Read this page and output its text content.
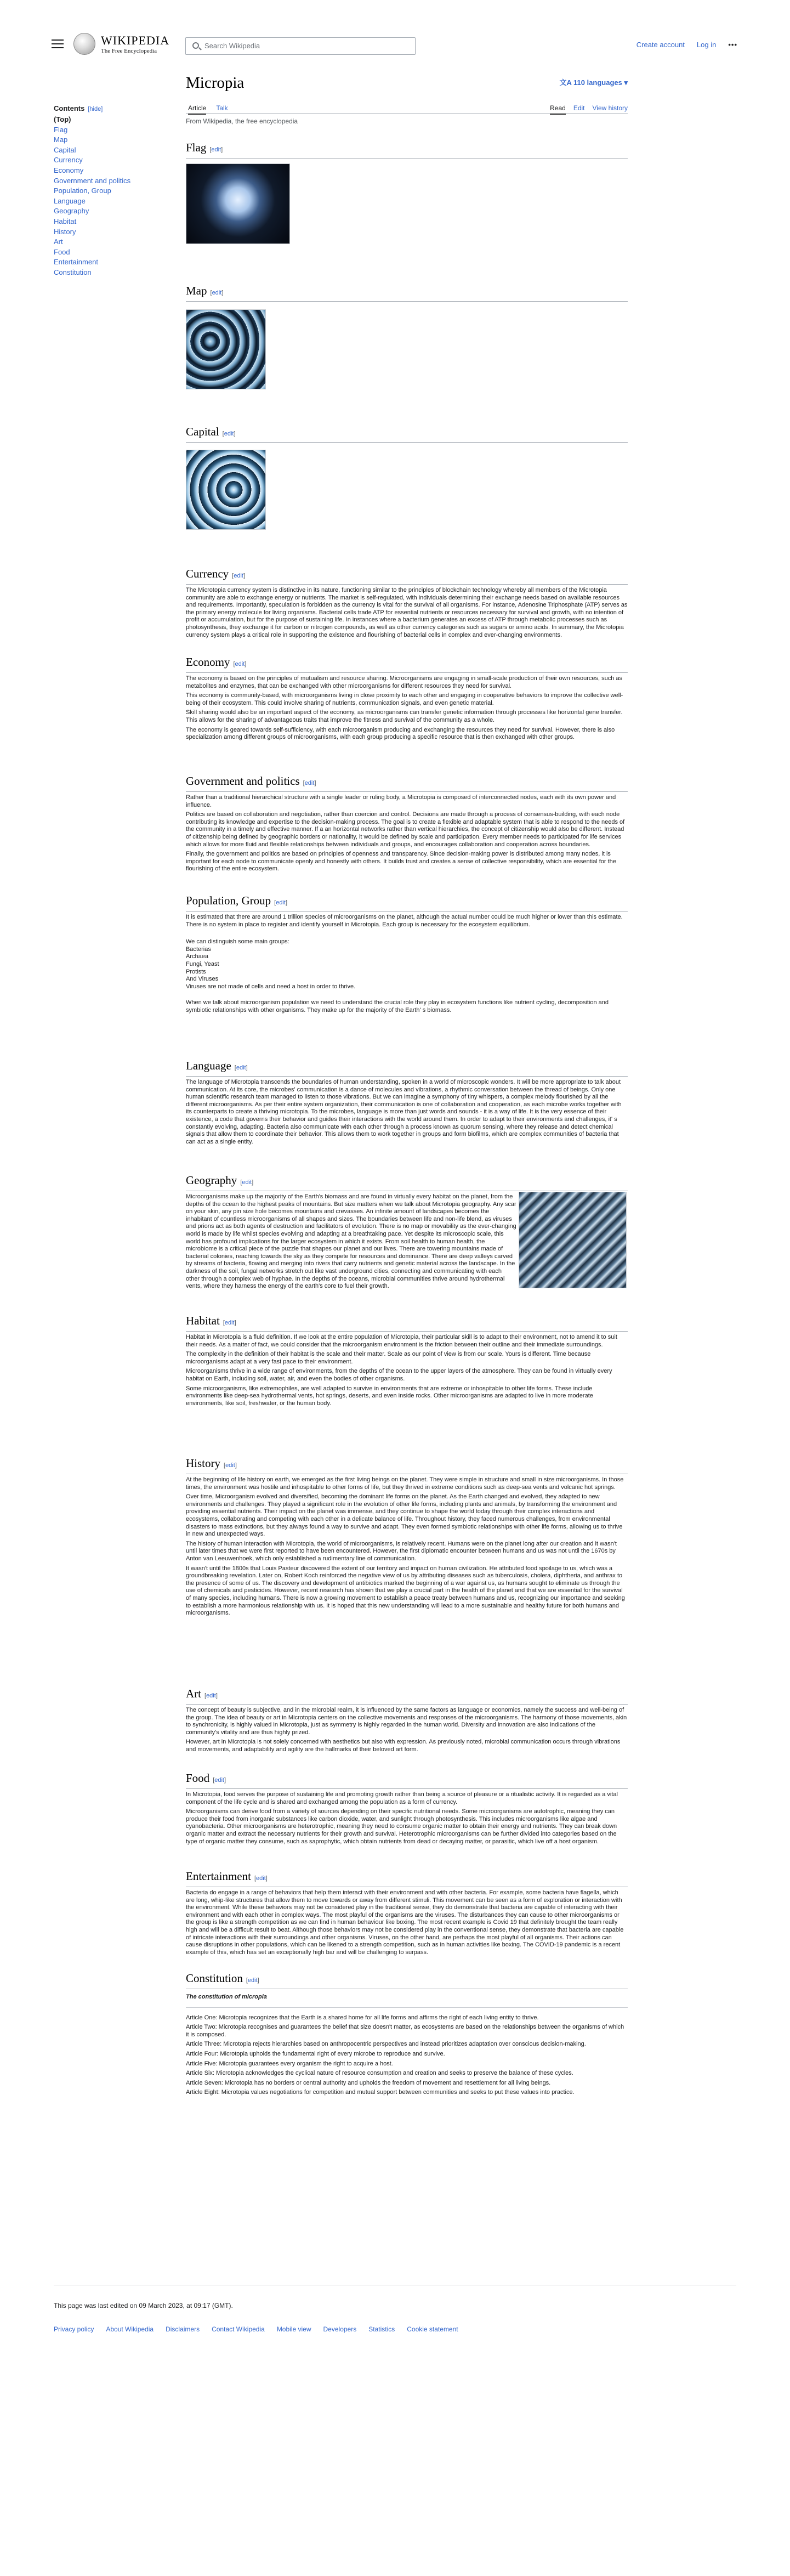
WIKIPEDIA
The Free Encyclopedia
Search Wikipedia	Create account Log in •••
Contents [hide]
(Top)
Flag
Map
Capital
Currency
Economy
Government and politics
Population, Group
Language
Geography
Habitat
History
Art
Food
Entertainment
Constitution
Micropia	文A 110 languages ▾
Article Talk	Read Edit View history
From Wikipedia, the free encyclopedia
Flag [edit]
Map [edit]
Capital [edit]
Currency [edit]

The Microtopia currency system is distinctive in its nature, functioning similar to the principles of blockchain technology whereby all members of the Microtopia community are able to exchange energy or nutrients. The market is self-regulated, with individuals determining their exchange needs based on available resources and requirements. Importantly, speculation is forbidden as the currency is vital for the survival of all organisms. For instance, Adenosine Triphosphate (ATP) serves as the primary energy molecule for living organisms. Bacterial cells trade ATP for essential nutrients or resources necessary for survival and growth, with no intention of profit or accumulation, but for the purpose of sustaining life. In instances where a bacterium generates an excess of ATP through metabolic processes such as photosynthesis, they exchange it for carbon or nitrogen compounds, as well as other currency categories such as sugars or amino acids. In summary, the Microtopia currency system plays a critical role in supporting the existence and flourishing of bacterial cells in complex and ever-changing environments.

Economy [edit]

The economy is based on the principles of mutualism and resource sharing. Microorganisms are engaging in small-scale production of their own resources, such as metabolites and enzymes, that can be exchanged with other microorganisms for different resources they need for survival.

This economy is community-based, with microorganisms living in close proximity to each other and engaging in cooperative behaviors to improve the collective well-being of their ecosystem. This could involve sharing of nutrients, communication signals, and even genetic material.

Skill sharing would also be an important aspect of the economy, as microorganisms can transfer genetic information through processes like horizontal gene transfer. This allows for the sharing of advantageous traits that improve the fitness and survival of the community as a whole.

The economy is geared towards self-sufficiency, with each microorganism producing and exchanging the resources they need for survival. However, there is also specialization among different groups of microorganisms, with each group producing a specific resource that is then exchanged with other groups.

Government and politics [edit]

Rather than a traditional hierarchical structure with a single leader or ruling body, a Microtopia is composed of interconnected nodes, each with its own power and influence.

Politics are based on collaboration and negotiation, rather than coercion and control. Decisions are made through a process of consensus-building, with each node contributing its knowledge and expertise to the decision-making process. The goal is to create a flexible and adaptable system that is able to respond to the needs of the community in a timely and effective manner. If a an horizontal networks rather than vertical hierarchies, the concept of citizenship would also be different. Instead of citizenship being defined by geographic borders or nationality, it would be defined by scale and participation. Every member needs to participated for life services which allows for more fluid and flexible relationships between individuals and groups, and encourages collaboration and cooperation across boundaries.

Finally, the government and politics are based on principles of openness and transparency. Since decision-making power is distributed among many nodes, it is important for each node to communicate openly and honestly with others. It builds trust and creates a sense of collective responsibility, which are essential for the flourishing of the entire ecosystem.

Population, Group [edit]

It is estimated that there are around 1 trillion species of microorganisms on the planet, although the actual number could be much higher or lower than this estimate. There is no system in place to register and identify yourself in Microtopia. Each group is necessary for the ecosystem equilibrium.

We can distinguish some main groups:

Bacterias
Archaea
Fungi, Yeast
Protists
And Viruses
Viruses are not made of cells and need a host in order to thrive.

When we talk about microorganism population we need to understand the crucial role they play in ecosystem functions like nutrient cycling, decomposition and symbiotic relationships with other organisms. They make up for the majority of the Earth' s biomass.

Language [edit]

The language of Microtopia transcends the boundaries of human understanding, spoken in a world of microscopic wonders. It will be more appropriate to talk about communication. At its core, the microbes' communication is a dance of molecules and vibrations, a rhythmic conversation between the thread of beings. Only one human scientific research team managed to listen to those vibrations. But we can imagine a symphony of tiny whispers, a complex melody flourished by all the different microorganisms. As per their entire system organization, their communication is one of collaboration and cooperation, as each microbe works together with its counterparts to create a thriving microtopia. To the microbes, language is more than just words and sounds - it is a way of life. It is the very essence of their existence, a code that governs their behavior and guides their interactions with the world around them. In order to adapt to their environments and challenges, it' s constantly evolving, adapting. Bacteria also communicate with each other through a process known as quorum sensing, where they release and detect chemical signals that allow them to coordinate their behavior. This allows them to work together in groups and form biofilms, which are complex communities of bacteria that can act as a single entity.

Geography [edit]

Microorganisms make up the majority of the Earth's biomass and are found in virtually every habitat on the planet, from the depths of the ocean to the highest peaks of mountains. But size matters when we talk about Microtopia geography. Any scar on your skin, any pin size hole becomes mountains and crevasses. An infinite amount of landscapes becomes the inhabitant of countless microorganisms of all shapes and sizes. The boundaries between life and non-life blend, as viruses and prions act as both agents of destruction and facilitators of evolution. There is no map or movability as the ever-changing world is made by life whilst species evolving and adapting at a breathtaking pace. Yet despite its microscopic scale, this world has profound implications for the larger ecosystem in which it exists. From soil health to human health, the microbiome is a critical piece of the puzzle that shapes our planet and our lives. There are towering mountains made of bacterial colonies, reaching towards the sky as they compete for resources and dominance. There are deep valleys carved by streams of bacteria, flowing and merging into rivers that carry nutrients and genetic material across the landscape. In the darkness of the soil, fungal networks stretch out like vast underground cities, connecting and communicating with each other through a complex web of hyphae. In the depths of the oceans, microbial communities thrive around hydrothermal vents, where they harness the energy of the earth's core to fuel their growth.

Habitat [edit]

Habitat in Microtopia is a fluid definition. If we look at the entire population of Microtopia, their particular skill is to adapt to their environment, not to amend it to suit their needs. As a matter of fact, we could consider that the microorganism environment is the friction between their outline and their immediate surroundings.

The complexity in the definition of their habitat is the scale and their matter. Scale as our point of view is from our scale. Yours is different. Time because microorganisms adapt at a very fast pace to their environment.

Microorganisms thrive in a wide range of environments, from the depths of the ocean to the upper layers of the atmosphere. They can be found in virtually every habitat on Earth, including soil, water, air, and even the bodies of other organisms.

Some microorganisms, like extremophiles, are well adapted to survive in environments that are extreme or inhospitable to other life forms. These include environments like deep-sea hydrothermal vents, hot springs, deserts, and even inside rocks. Other microorganisms are adapted to live in more moderate environments, like soil, freshwater, or the human body.

History [edit]

At the beginning of life history on earth, we emerged as the first living beings on the planet. They were simple in structure and small in size microorganisms. In those times, the environment was hostile and inhospitable to other forms of life, but they thrived in extreme conditions such as deep-sea vents and volcanic hot springs.

Over time, Microorganism evolved and diversified, becoming the dominant life forms on the planet. As the Earth changed and evolved, they adapted to new environments and challenges. They played a significant role in the evolution of other life forms, including plants and animals, by transforming the environment and providing essential nutrients. Their impact on the planet was immense, and they continue to shape the world today through their complex interactions and ecosystems, collaborating and competing with each other in a delicate balance of life. Throughout history, they faced numerous challenges, from environmental disasters to mass extinctions, but they always found a way to survive and adapt. They even formed symbiotic relationships with other life forms, allowing us to thrive in new and unexpected ways.

The history of human interaction with Microtopia, the world of microorganisms, is relatively recent. Humans were on the planet long after our creation and it wasn't until later times that we were first reported to have been encountered. However, the first diplomatic encounter between humans and us was not until the 1670s by Anton van Leeuwenhoek, which only established a rudimentary line of communication.

It wasn't until the 1800s that Louis Pasteur discovered the extent of our territory and impact on human civilization. He attributed food spoilage to us, which was a groundbreaking revelation. Later on, Robert Koch reinforced the negative view of us by attributing diseases such as tuberculosis, cholera, diphtheria, and anthrax to the presence of some of us. The discovery and development of antibiotics marked the beginning of a war against us, as humans sought to eliminate us through the use of chemicals and pesticides. However, recent research has shown that we play a crucial part in the health of the planet and that we are essential for the survival of many species, including humans. There is now a growing movement to establish a peace treaty between humans and us, recognizing our importance and seeking to establish a more harmonious relationship with us. It is hoped that this new understanding will lead to a more sustainable and healthy future for both humans and microorganisms.

Art [edit]

The concept of beauty is subjective, and in the microbial realm, it is influenced by the same factors as language or economics, namely the success and well-being of the group. The idea of beauty or art in Microtopia centers on the collective movements and responses of the microorganisms. The harmony of those movements, akin to synchronicity, is highly valued in Microtopia, just as symmetry is highly regarded in the human world. Diversity and innovation are also indications of the community's vitality and are thus highly prized.

However, art in Microtopia is not solely concerned with aesthetics but also with expression. As previously noted, microbial communication occurs through vibrations and movements, and adaptability and agility are the hallmarks of their beloved art form.

Food [edit]

In Microtopia, food serves the purpose of sustaining life and promoting growth rather than being a source of pleasure or a ritualistic activity. It is regarded as a vital component of the life cycle and is shared and exchanged among the population as a form of currency.

Microorganisms can derive food from a variety of sources depending on their specific nutritional needs. Some microorganisms are autotrophic, meaning they can produce their food from inorganic substances like carbon dioxide, water, and sunlight through photosynthesis. This includes microorganisms like algae and cyanobacteria. Other microorganisms are heterotrophic, meaning they need to consume organic matter to obtain their energy and nutrients. They can break down organic matter and extract the necessary nutrients for their growth and survival. Heterotrophic microorganisms can be further divided into categories based on the type of organic matter they consume, such as saprophytic, which obtain nutrients from dead or decaying matter, or parasitic, which live off a host organism.

Entertainment [edit]

Bacteria do engage in a range of behaviors that help them interact with their environment and with other bacteria. For example, some bacteria have flagella, which are long, whip-like structures that allow them to move towards or away from different stimuli. This movement can be seen as a form of exploration or interaction with the environment. While these behaviors may not be considered play in the traditional sense, they do demonstrate that bacteria are capable of interacting with their environment and with each other in complex ways. The most playful of the organisms are the viruses. The disturbances they can cause to other microorganisms or the group is like a strength competition as we can find in human behaviour like boxing. The most recent example is Covid 19 that definitely brought the team really high and will be a difficult result to beat. Although those behaviors may not be considered play in the conventional sense, they demonstrate that bacteria are capable of intricate interactions with their surroundings and other organisms. Viruses, on the other hand, are perhaps the most playful of all organisms. Their actions can cause disruptions in other populations, which can be likened to a strength competition, such as in human activities like boxing. The COVID-19 pandemic is a recent example of this, which has set an exceptionally high bar and will be challenging to surpass.

Constitution [edit]

The constitution of micropia

Article One: Microtopia recognizes that the Earth is a shared home for all life forms and affirms the right of each living entity to thrive.
Article Two: Microtopia recognises and guarantees the belief that size doesn't matter, as ecosystems are based on the relationships between the organisms of which it is composed.
Article Three: Microtopia rejects hierarchies based on anthropocentric perspectives and instead prioritizes adaptation over conscious decision-making.
Article Four: Microtopia upholds the fundamental right of every microbe to reproduce and survive.
Article Five: Microtopia guarantees every organism the right to acquire a host.
Article Six: Microtopia acknowledges the cyclical nature of resource consumption and creation and seeks to preserve the balance of these cycles.
Article Seven: Microtopia has no borders or central authority and upholds the freedom of movement and resettlement for all living beings.
Article Eight: Microtopia values negotiations for competition and mutual support between communities and seeks to put these values into practice.
This page was last edited on 09 March 2023, at 09:17 (GMT).
Privacy policy About Wikipedia Disclaimers Contact Wikipedia Mobile view Developers Statistics Cookie statement
